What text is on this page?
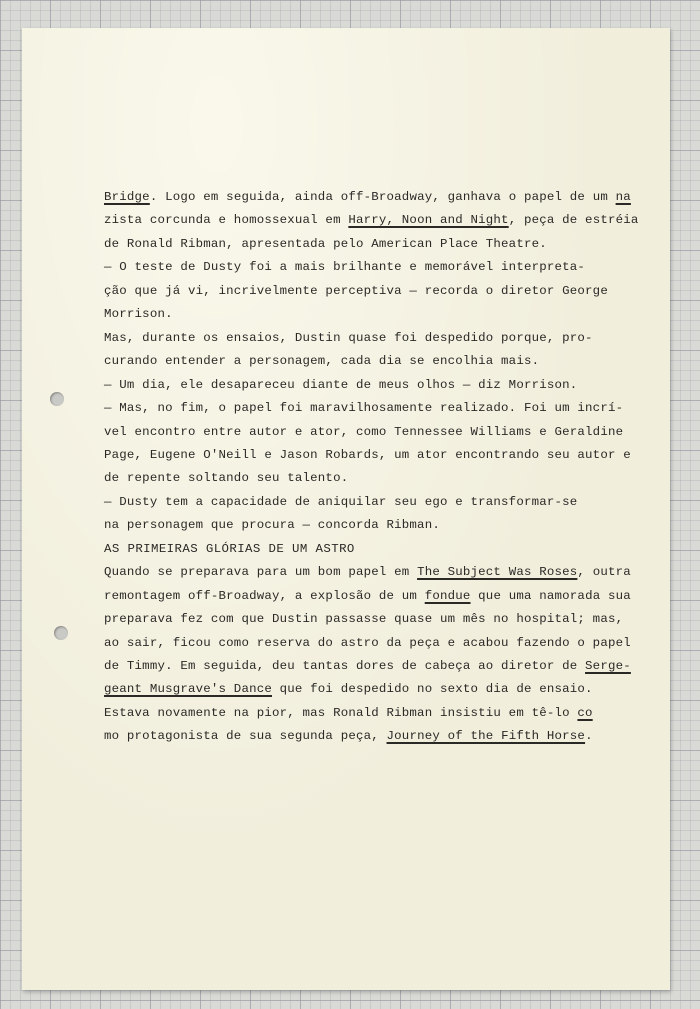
Bridge. Logo em seguida, ainda off-Broadway, ganhava o papel de um na
zista corcunda e homossexual em Harry, Noon and Night, peça de estréia
de Ronald Ribman, apresentada pelo American Place Theatre.
— O teste de Dusty foi a mais brilhante e memorável interpreta-
ção que já vi, incrivelmente perceptiva — recorda o diretor George
Morrison.
Mas, durante os ensaios, Dustin quase foi despedido porque, pro-
curando entender a personagem, cada dia se encolhia mais.
— Um dia, ele desapareceu diante de meus olhos — diz Morrison.
— Mas, no fim, o papel foi maravilhosamente realizado. Foi um incrí-
vel encontro entre autor e ator, como Tennessee Williams e Geraldine
Page, Eugene O'Neill e Jason Robards, um ator encontrando seu autor e
de repente soltando seu talento.
— Dusty tem a capacidade de aniquilar seu ego e transformar-se
na personagem que procura — concorda Ribman.
AS PRIMEIRAS GLÓRIAS DE UM ASTRO
Quando se preparava para um bom papel em The Subject Was Roses, outra
remontagem off-Broadway, a explosão de um fondue que uma namorada sua
preparava fez com que Dustin passasse quase um mês no hospital; mas,
ao sair, ficou como reserva do astro da peça e acabou fazendo o papel
de Timmy. Em seguida, deu tantas dores de cabeça ao diretor de Serge-
geant Musgrave's Dance que foi despedido no sexto dia de ensaio.
Estava novamente na pior, mas Ronald Ribman insistiu em tê-lo co
mo protagonista de sua segunda peça, Journey of the Fifth Horse.
